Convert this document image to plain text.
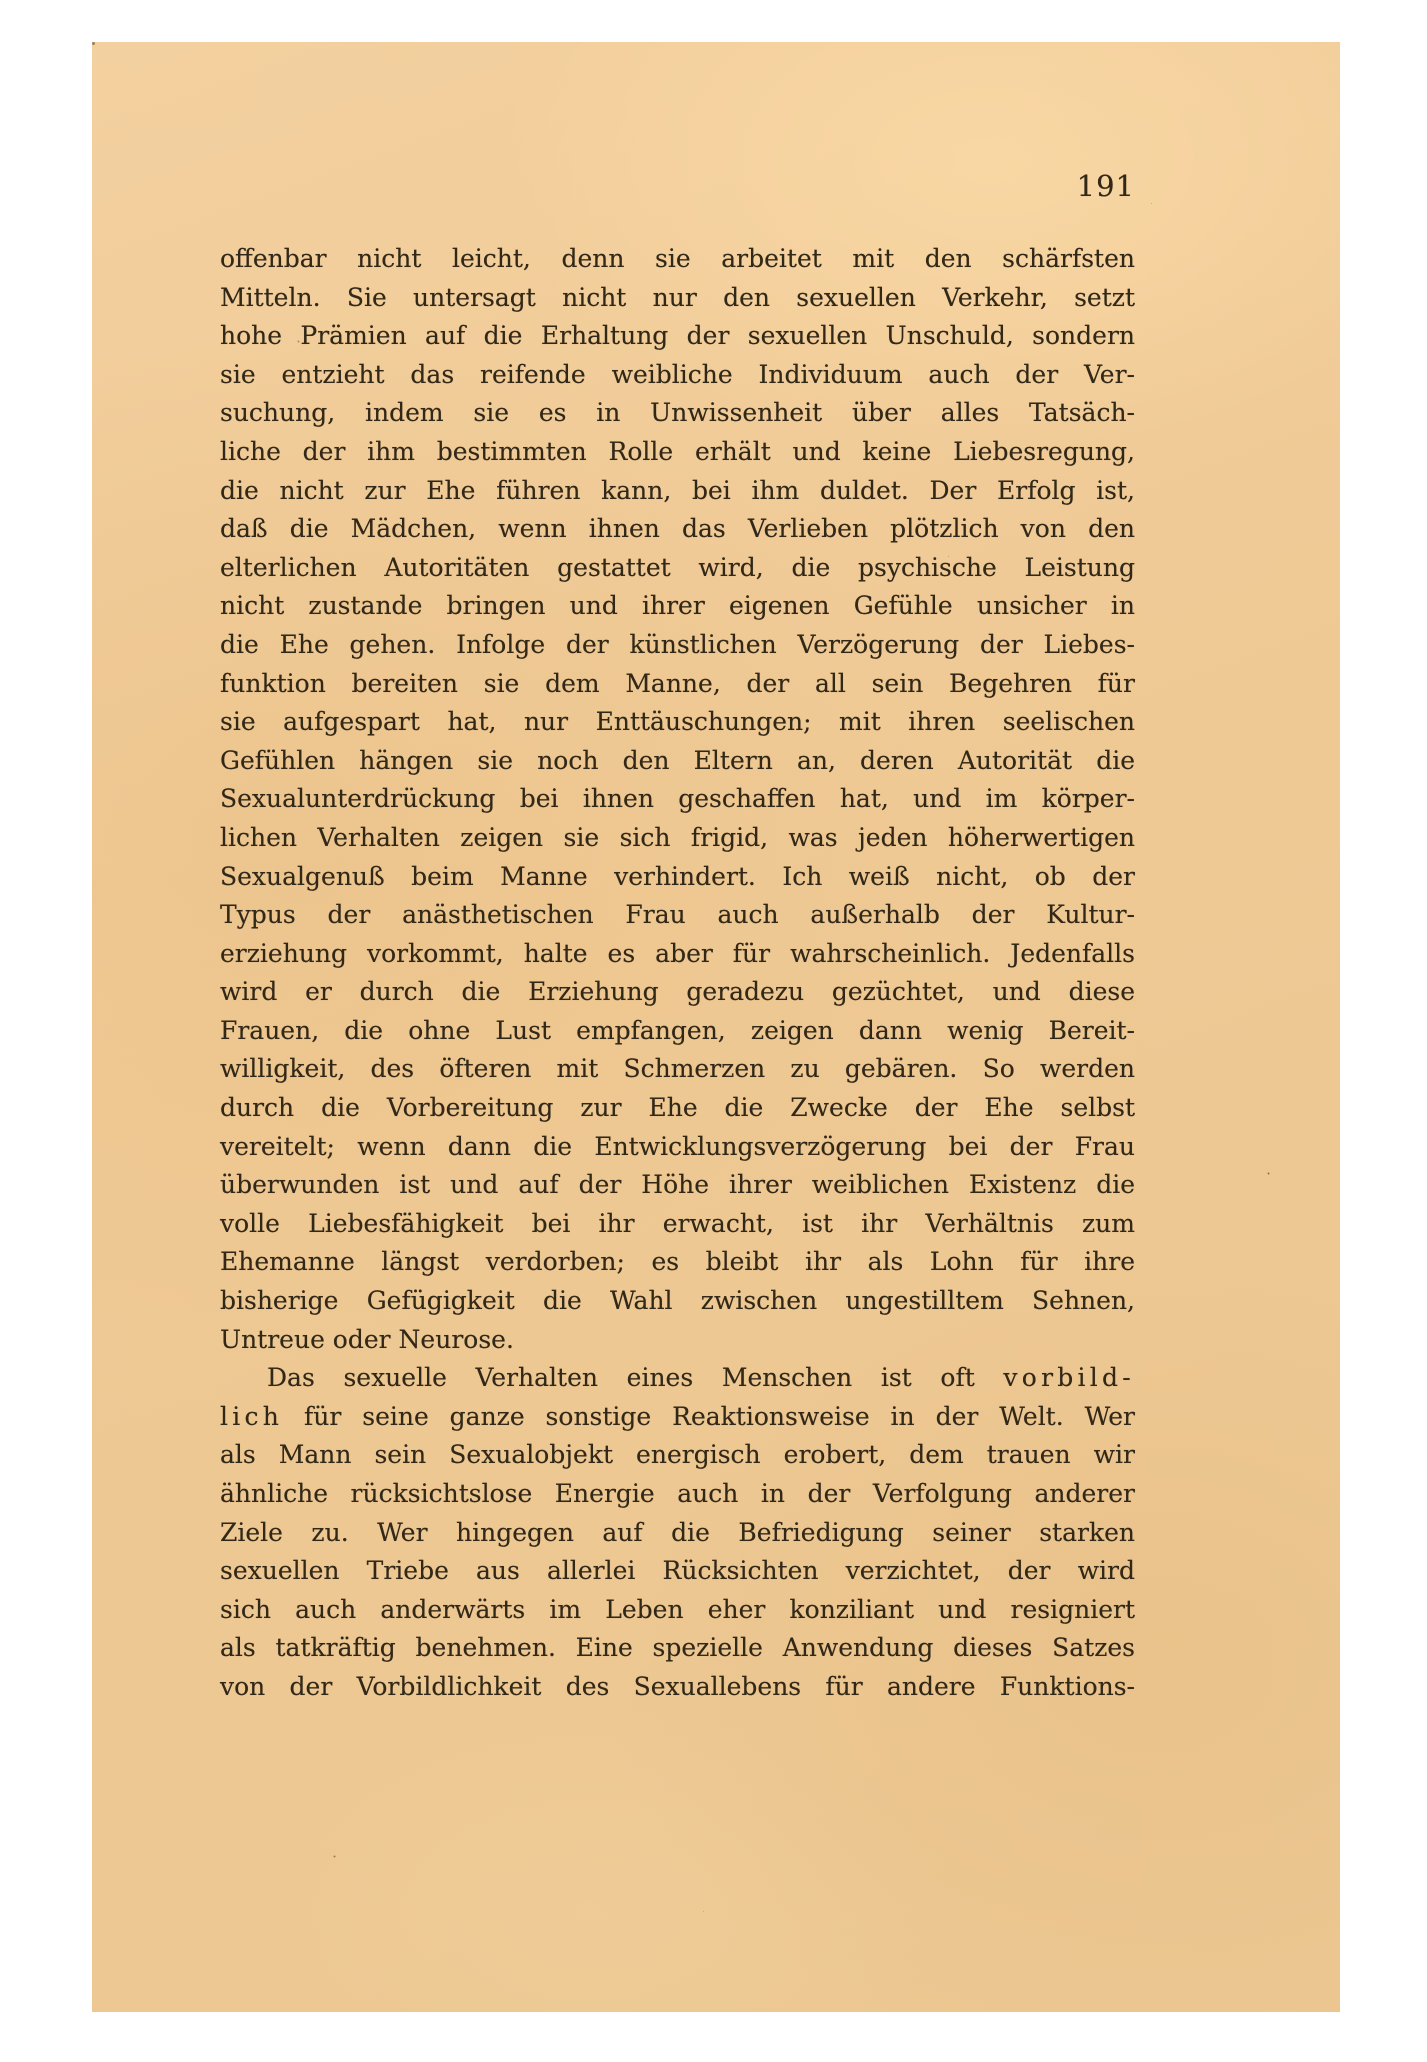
191
offenbar nicht leicht, denn sie arbeitet mit den schärfsten
Mitteln. Sie untersagt nicht nur den sexuellen Verkehr, setzt
hohe Prämien auf die Erhaltung der sexuellen Unschuld, sondern
sie entzieht das reifende weibliche Individuum auch der Ver-
suchung, indem sie es in Unwissenheit über alles Tatsäch-
liche der ihm bestimmten Rolle erhält und keine Liebesregung,
die nicht zur Ehe führen kann, bei ihm duldet. Der Erfolg ist,
daß die Mädchen, wenn ihnen das Verlieben plötzlich von den
elterlichen Autoritäten gestattet wird, die psychische Leistung
nicht zustande bringen und ihrer eigenen Gefühle unsicher in
die Ehe gehen. Infolge der künstlichen Verzögerung der Liebes-
funktion bereiten sie dem Manne, der all sein Begehren für
sie aufgespart hat, nur Enttäuschungen; mit ihren seelischen
Gefühlen hängen sie noch den Eltern an, deren Autorität die
Sexualunterdrückung bei ihnen geschaffen hat, und im körper-
lichen Verhalten zeigen sie sich frigid, was jeden höherwertigen
Sexualgenuß beim Manne verhindert. Ich weiß nicht, ob der
Typus der anästhetischen Frau auch außerhalb der Kultur-
erziehung vorkommt, halte es aber für wahrscheinlich. Jedenfalls
wird er durch die Erziehung geradezu gezüchtet, und diese
Frauen, die ohne Lust empfangen, zeigen dann wenig Bereit-
willigkeit, des öfteren mit Schmerzen zu gebären. So werden
durch die Vorbereitung zur Ehe die Zwecke der Ehe selbst
vereitelt; wenn dann die Entwicklungsverzögerung bei der Frau
überwunden ist und auf der Höhe ihrer weiblichen Existenz die
volle Liebesfähigkeit bei ihr erwacht, ist ihr Verhältnis zum
Ehemanne längst verdorben; es bleibt ihr als Lohn für ihre
bisherige Gefügigkeit die Wahl zwischen ungestilltem Sehnen,
Untreue oder Neurose.
Das sexuelle Verhalten eines Menschen ist oft vorbild-
lich für seine ganze sonstige Reaktionsweise in der Welt. Wer
als Mann sein Sexualobjekt energisch erobert, dem trauen wir
ähnliche rücksichtslose Energie auch in der Verfolgung anderer
Ziele zu. Wer hingegen auf die Befriedigung seiner starken
sexuellen Triebe aus allerlei Rücksichten verzichtet, der wird
sich auch anderwärts im Leben eher konziliant und resigniert
als tatkräftig benehmen. Eine spezielle Anwendung dieses Satzes
von der Vorbildlichkeit des Sexuallebens für andere Funktions-
